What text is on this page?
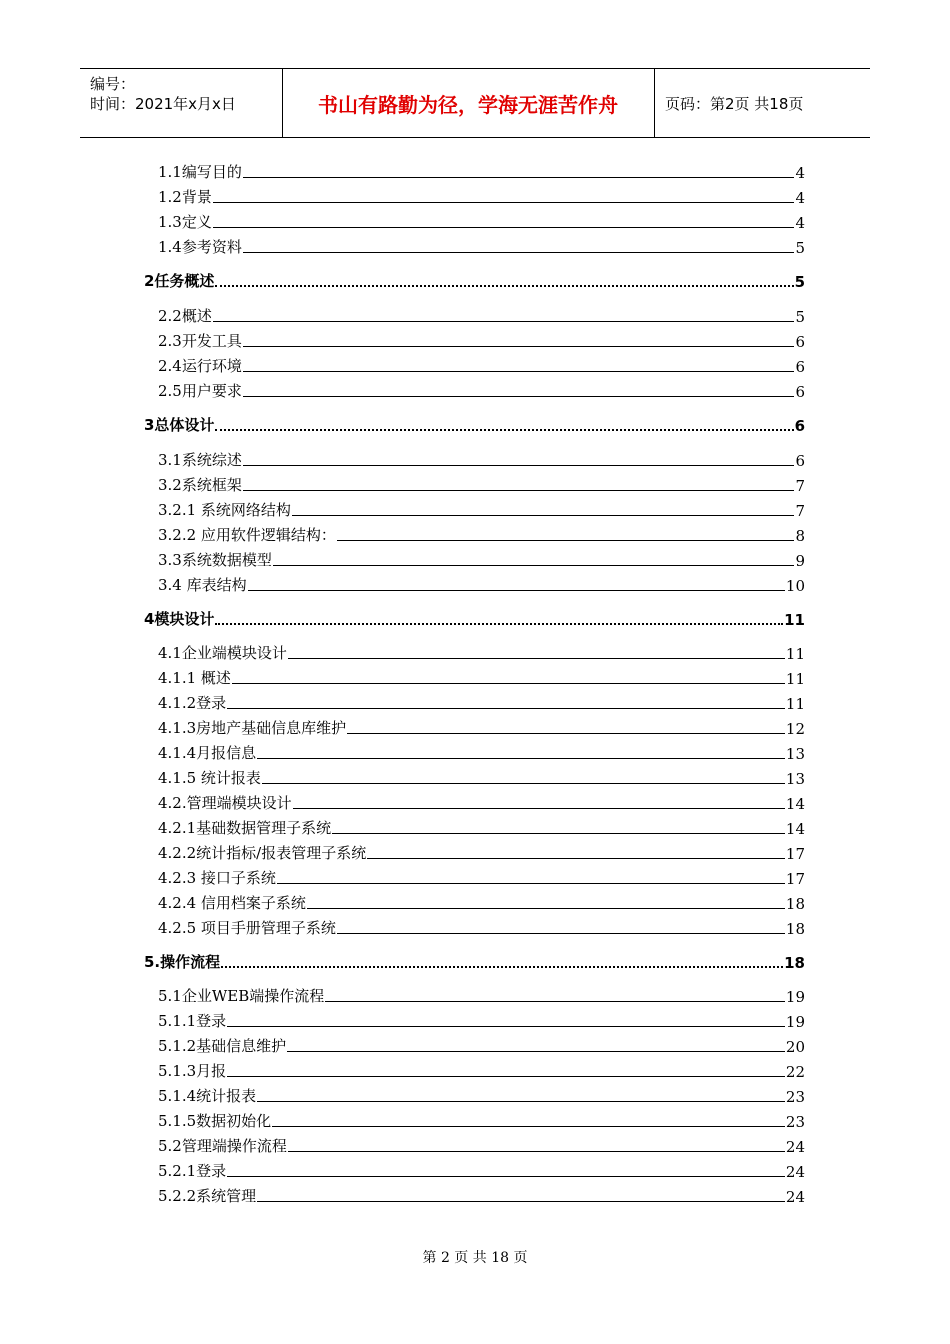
编号：
时间：2021年x月x日	书山有路勤为径，学海无涯苦作舟	页码：第2页 共18页
1.1编写目的	4
1.2背景	4
1.3定义	4
1.4参考资料	5
2任务概述	5
2.2概述	5
2.3开发工具	6
2.4运行环境	6
2.5用户要求	6
3总体设计	6
3.1系统综述	6
3.2系统框架	7
3.2.1 系统网络结构	7
3.2.2 应用软件逻辑结构：	8
3.3系统数据模型	9
3.4 库表结构	10
4模块设计	11
4.1企业端模块设计	11
4.1.1 概述	11
4.1.2登录	11
4.1.3房地产基础信息库维护	12
4.1.4月报信息	13
4.1.5 统计报表	13
4.2.管理端模块设计	14
4.2.1基础数据管理子系统	14
4.2.2统计指标/报表管理子系统	17
4.2.3 接口子系统	17
4.2.4 信用档案子系统	18
4.2.5 项目手册管理子系统	18
5.操作流程	18
5.1企业WEB端操作流程	19
5.1.1登录	19
5.1.2基础信息维护	20
5.1.3月报	22
5.1.4统计报表	23
5.1.5数据初始化	23
5.2管理端操作流程	24
5.2.1登录	24
5.2.2系统管理	24
第 2 页 共 18 页
